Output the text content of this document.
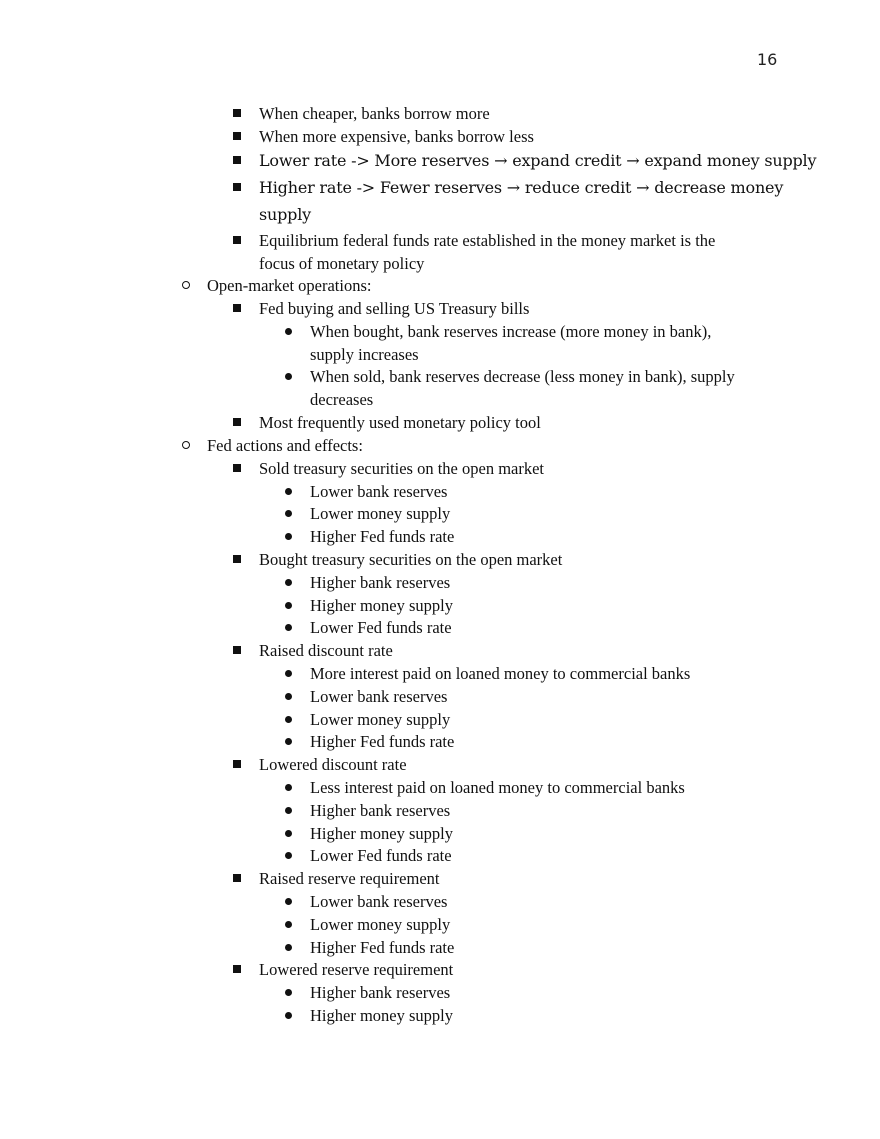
16
When cheaper, banks borrow more
When more expensive, banks borrow less
Lower rate -> More reserves → expand credit → expand money supply
Higher rate -> Fewer reserves → reduce credit → decrease money
supply
Equilibrium federal funds rate established in the money market is the
focus of monetary policy
Open-market operations:
Fed buying and selling US Treasury bills
When bought, bank reserves increase (more money in bank),
supply increases
When sold, bank reserves decrease (less money in bank), supply
decreases
Most frequently used monetary policy tool
Fed actions and effects:
Sold treasury securities on the open market
Lower bank reserves
Lower money supply
Higher Fed funds rate
Bought treasury securities on the open market
Higher bank reserves
Higher money supply
Lower Fed funds rate
Raised discount rate
More interest paid on loaned money to commercial banks
Lower bank reserves
Lower money supply
Higher Fed funds rate
Lowered discount rate
Less interest paid on loaned money to commercial banks
Higher bank reserves
Higher money supply
Lower Fed funds rate
Raised reserve requirement
Lower bank reserves
Lower money supply
Higher Fed funds rate
Lowered reserve requirement
Higher bank reserves
Higher money supply
